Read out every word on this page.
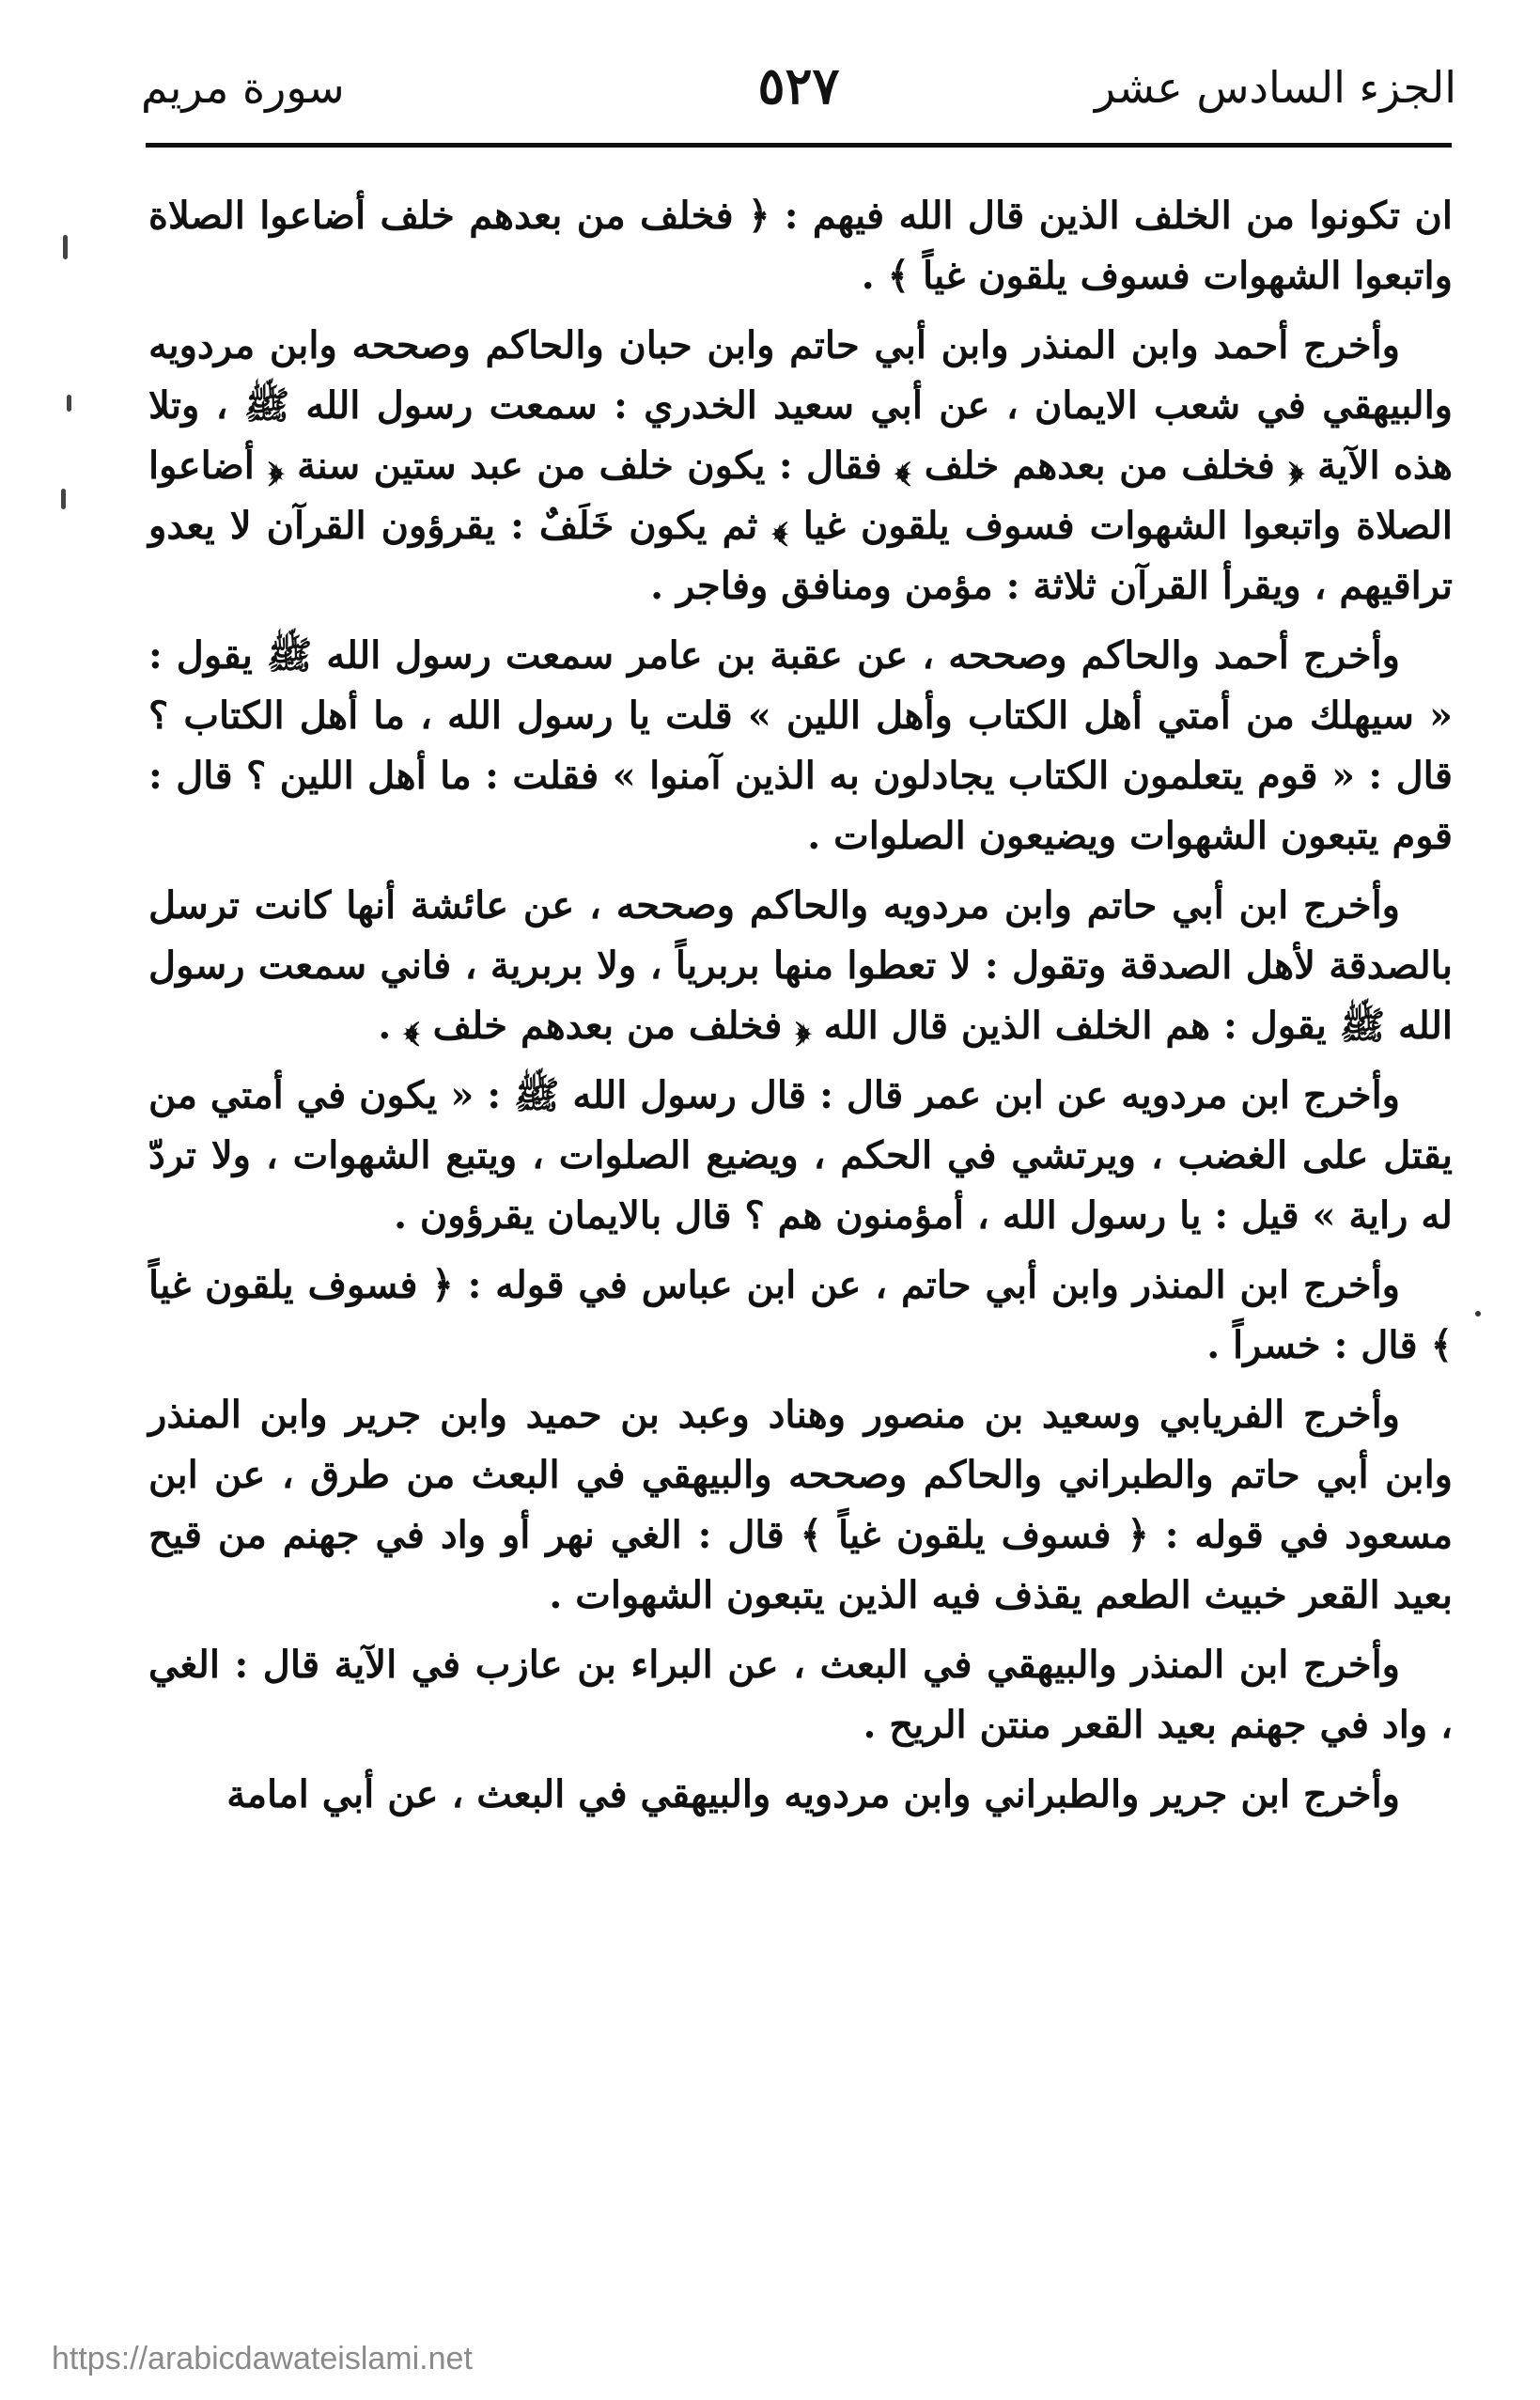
الجزء السادس عشر
٥٢٧
سورة مريم

ان تكونوا من الخلف الذين قال الله فيهم : ﴿ فخلف من بعدهم خلف أضاعوا الصلاة واتبعوا الشهوات فسوف يلقون غياً ﴾ .

وأخرج أحمد وابن المنذر وابن أبي حاتم وابن حبان والحاكم وصححه وابن مردويه والبيهقي في شعب الايمان ، عن أبي سعيد الخدري : سمعت رسول الله ﷺ ، وتلا هذه الآية ﴿ فخلف من بعدهم خلف ﴾ فقال : يكون خلف من عبد ستين سنة ﴿ أضاعوا الصلاة واتبعوا الشهوات فسوف يلقون غيا ﴾ ثم يكون خَلَفٌ : يقرؤون القرآن لا يعدو تراقيهم ، ويقرأ القرآن ثلاثة : مؤمن ومنافق وفاجر .

وأخرج أحمد والحاكم وصححه ، عن عقبة بن عامر سمعت رسول الله ﷺ يقول : « سيهلك من أمتي أهل الكتاب وأهل اللين » قلت يا رسول الله ، ما أهل الكتاب ؟ قال : « قوم يتعلمون الكتاب يجادلون به الذين آمنوا » فقلت : ما أهل اللين ؟ قال : قوم يتبعون الشهوات ويضيعون الصلوات .

وأخرج ابن أبي حاتم وابن مردويه والحاكم وصححه ، عن عائشة أنها كانت ترسل بالصدقة لأهل الصدقة وتقول : لا تعطوا منها بربرياً ، ولا بربرية ، فاني سمعت رسول الله ﷺ يقول : هم الخلف الذين قال الله ﴿ فخلف من بعدهم خلف ﴾ .

وأخرج ابن مردويه عن ابن عمر قال : قال رسول الله ﷺ : « يكون في أمتي من يقتل على الغضب ، ويرتشي في الحكم ، ويضيع الصلوات ، ويتبع الشهوات ، ولا تردّ له راية » قيل : يا رسول الله ، أمؤمنون هم ؟ قال بالايمان يقرؤون .

وأخرج ابن المنذر وابن أبي حاتم ، عن ابن عباس في قوله : ﴿ فسوف يلقون غياً ﴾ قال : خسراً .

وأخرج الفريابي وسعيد بن منصور وهناد وعبد بن حميد وابن جرير وابن المنذر وابن أبي حاتم والطبراني والحاكم وصححه والبيهقي في البعث من طرق ، عن ابن مسعود في قوله : ﴿ فسوف يلقون غياً ﴾ قال : الغي نهر أو واد في جهنم من قيح بعيد القعر خبيث الطعم يقذف فيه الذين يتبعون الشهوات .

وأخرج ابن المنذر والبيهقي في البعث ، عن البراء بن عازب في الآية قال : الغي ، واد في جهنم بعيد القعر منتن الريح .

وأخرج ابن جرير والطبراني وابن مردويه والبيهقي في البعث ، عن أبي امامة

https://arabicdawateislami.net
